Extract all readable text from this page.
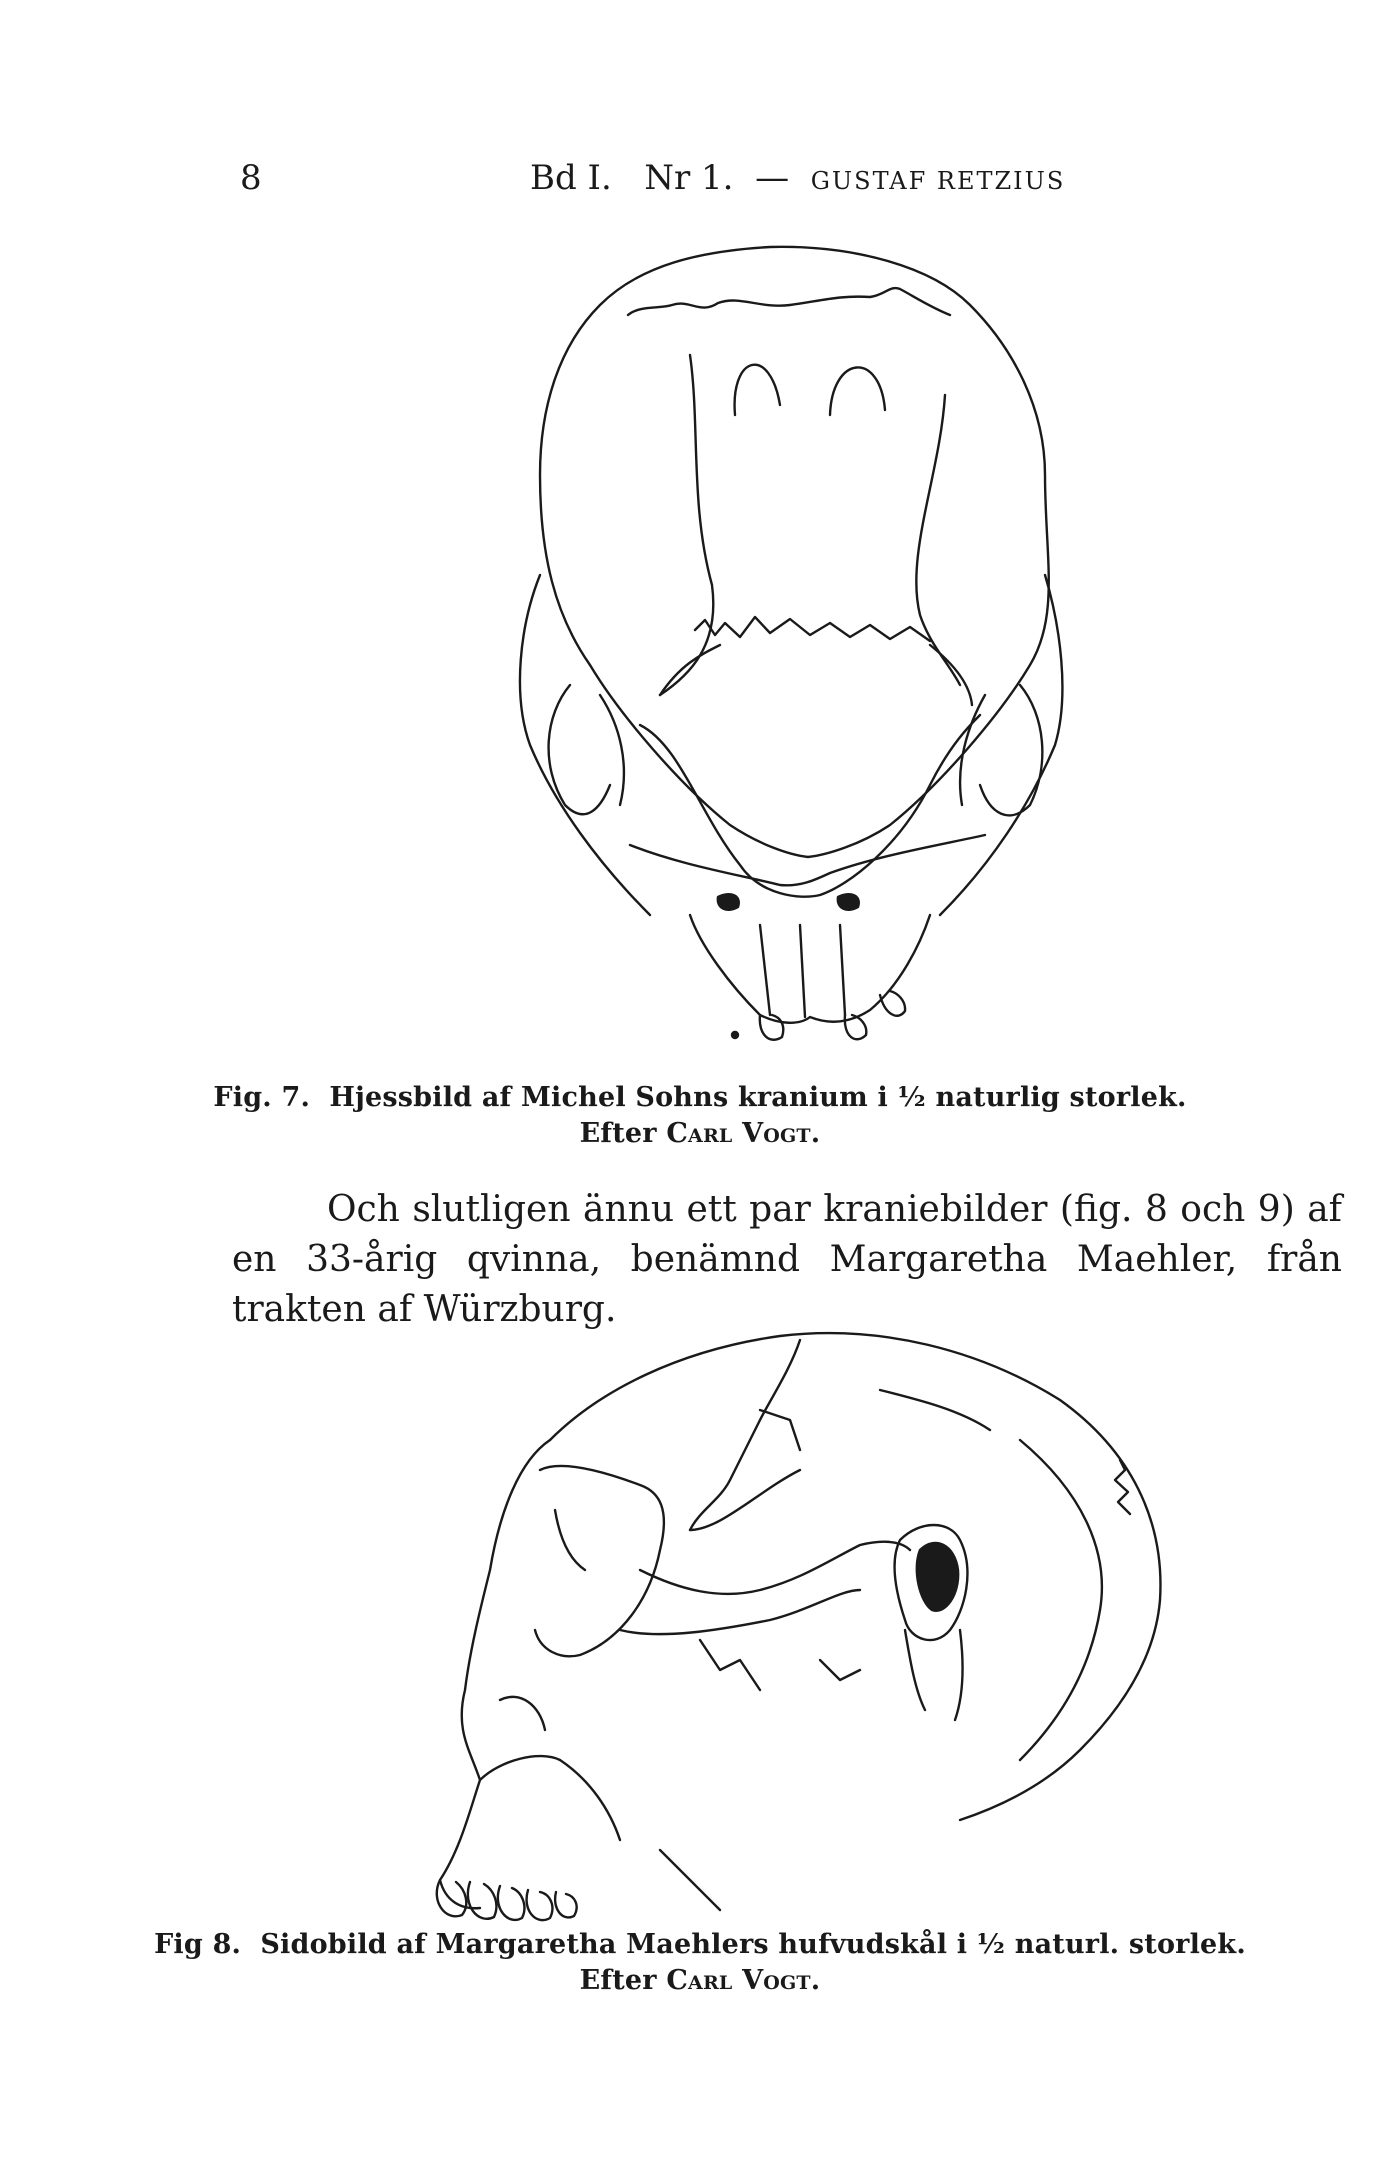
8	Bd I. Nr 1. — GUSTAF RETZIUS
Fig. 7. Hjessbild af Michel Sohns kranium i ½ naturlig storlek.
Efter Carl Vogt.

Och slutligen ännu ett par kraniebilder (fig. 8 och 9) af en 33-årig qvinna, benämnd Margaretha Maehler, från trakten af Würzburg.

Fig 8. Sidobild af Margaretha Maehlers hufvudskål i ½ naturl. storlek.
Efter Carl Vogt.
